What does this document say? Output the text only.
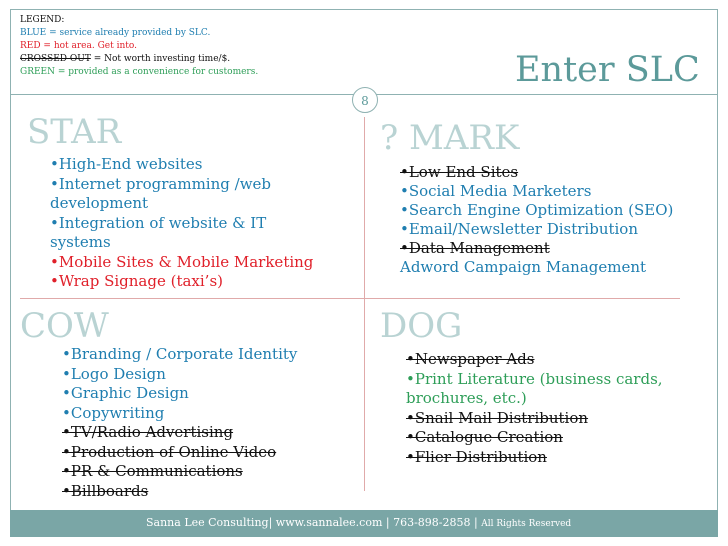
LEGEND:
BLUE = service already provided by SLC.
RED = hot area. Get into.
CROSSED OUT = Not worth investing time/$.
GREEN = provided as a convenience for customers.	Enter SLC
8
STAR
•High-End websites
•Internet programming /web
development
•Integration of website & IT
systems
•Mobile Sites & Mobile Marketing
•Wrap Signage (taxi’s)
? MARK
•Low End Sites
•Social Media Marketers
•Search Engine Optimization (SEO)
•Email/Newsletter Distribution
•Data Management
Adword Campaign Management
COW
•Branding / Corporate Identity
•Logo Design
•Graphic Design
•Copywriting
•TV/Radio Advertising
•Production of Online Video
•PR & Communications
•Billboards
DOG
•Newspaper Ads
•Print Literature (business cards,
brochures, etc.)
•Snail Mail Distribution
•Catalogue Creation
•Flier Distribution
Sanna Lee Consulting| www.sannalee.com | 763-898-2858 | All Rights Reserved
